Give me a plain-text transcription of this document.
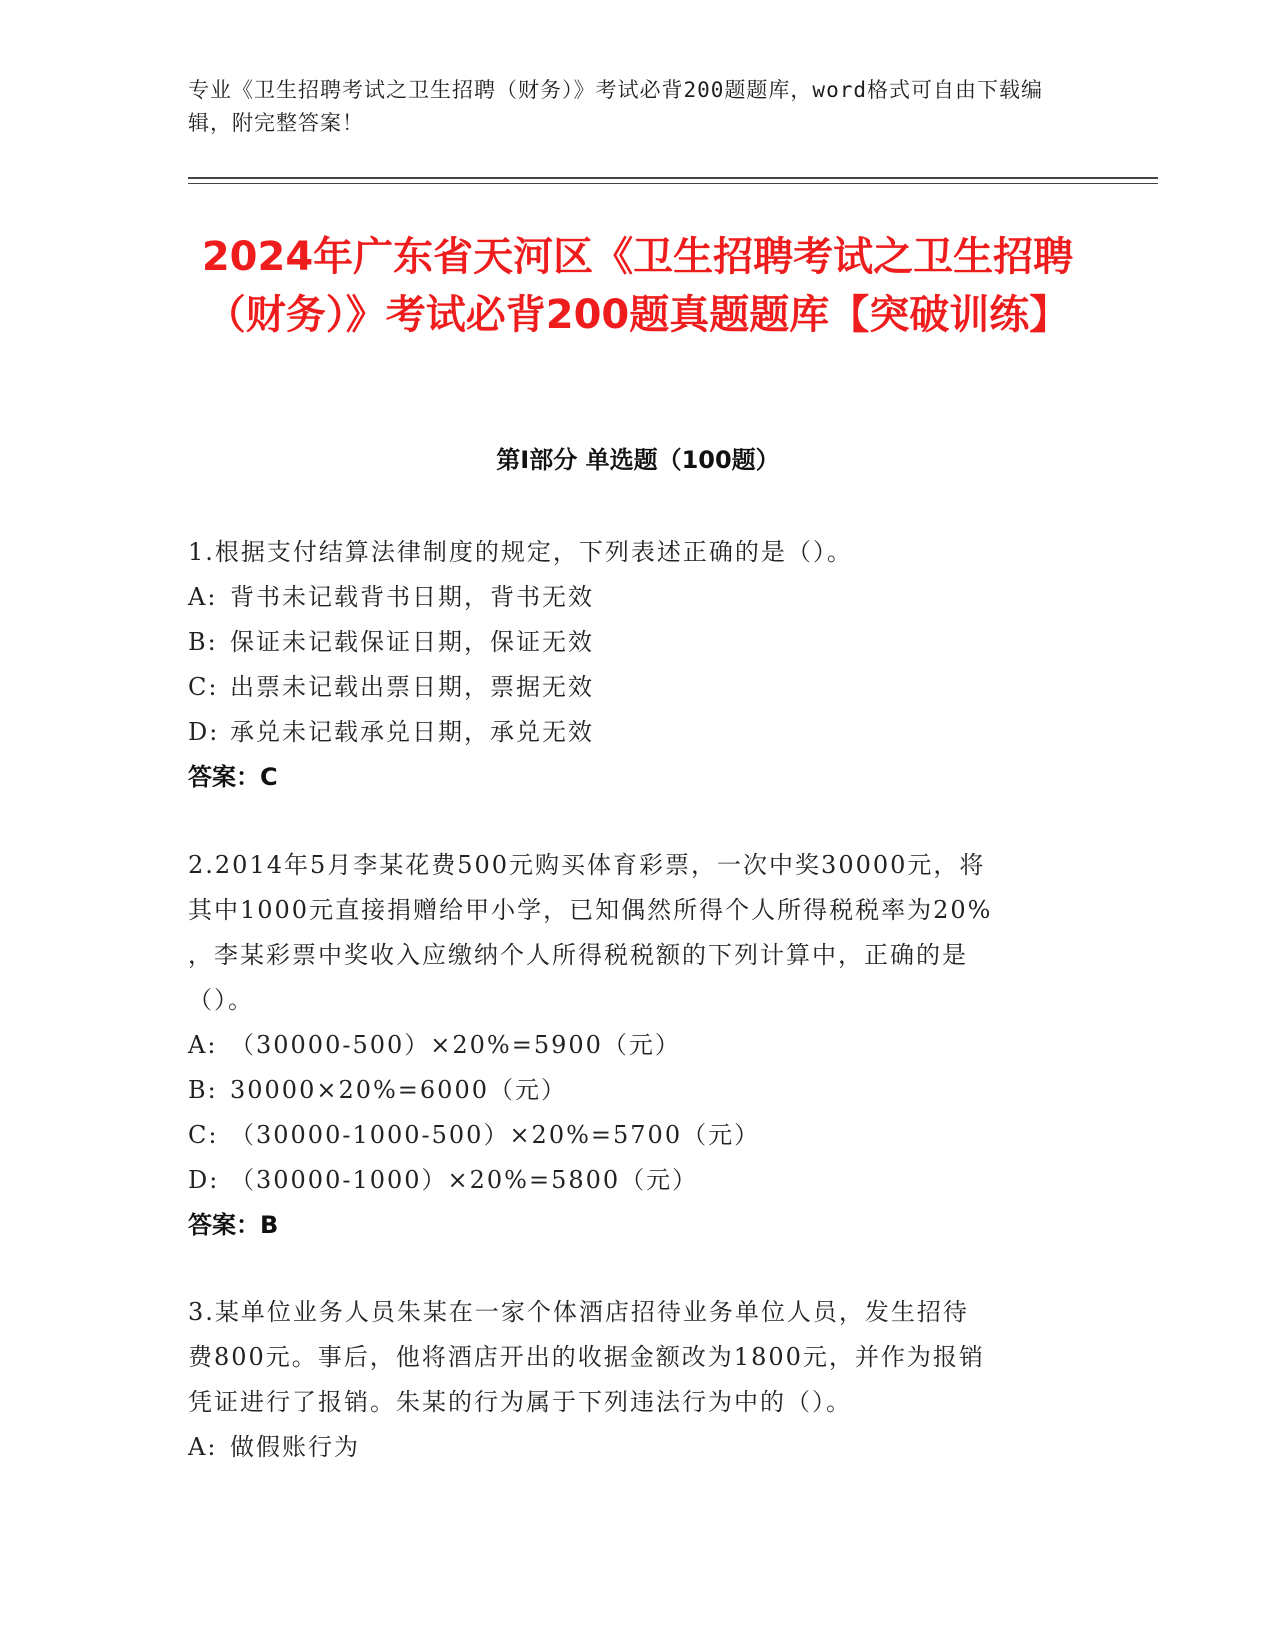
专业《卫生招聘考试之卫生招聘（财务）》考试必背200题题库，word格式可自由下载编辑，附完整答案！
2024年广东省天河区《卫生招聘考试之卫生招聘（财务）》考试必背200题真题题库【突破训练】
第Ⅰ部分 单选题（100题）

1.根据支付结算法律制度的规定，下列表述正确的是（）。

A: 背书未记载背书日期，背书无效

B: 保证未记载保证日期，保证无效

C: 出票未记载出票日期，票据无效

D: 承兑未记载承兑日期，承兑无效

答案：C

2.2014年5月李某花费500元购买体育彩票，一次中奖30000元，将

其中1000元直接捐赠给甲小学，已知偶然所得个人所得税税率为20%

，李某彩票中奖收入应缴纳个人所得税税额的下列计算中，正确的是

（）。

A: （30000-500）×20%=5900（元）

B: 30000×20%=6000（元）

C: （30000-1000-500）×20%=5700（元）

D: （30000-1000）×20%=5800（元）

答案：B

3.某单位业务人员朱某在一家个体酒店招待业务单位人员，发生招待

费800元。事后，他将酒店开出的收据金额改为1800元，并作为报销

凭证进行了报销。朱某的行为属于下列违法行为中的（）。

A: 做假账行为
